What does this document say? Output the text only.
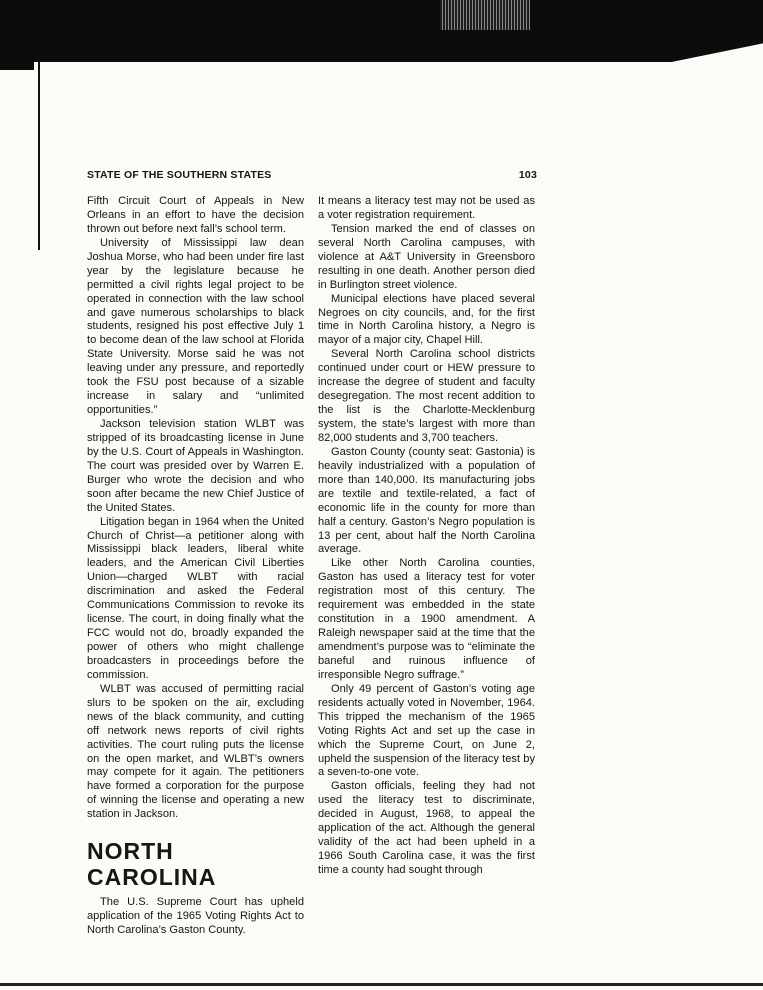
STATE OF THE SOUTHERN STATES	103

Fifth Circuit Court of Appeals in New Orleans in an effort to have the decision thrown out before next fall’s school term.

University of Mississippi law dean Joshua Morse, who had been under fire last year by the legislature because he permitted a civil rights legal project to be operated in connection with the law school and gave numerous scholarships to black students, resigned his post effective July 1 to become dean of the law school at Florida State University. Morse said he was not leaving under any pressure, and reportedly took the FSU post because of a sizable increase in salary and “unlimited opportunities.”

Jackson television station WLBT was stripped of its broadcasting license in June by the U.S. Court of Appeals in Washington. The court was presided over by Warren E. Burger who wrote the decision and who soon after became the new Chief Justice of the United States.

Litigation began in 1964 when the United Church of Christ—a petitioner along with Mississippi black leaders, liberal white leaders, and the American Civil Liberties Union—charged WLBT with racial discrimination and asked the Federal Communications Commission to revoke its license. The court, in doing finally what the FCC would not do, broadly expanded the power of others who might challenge broadcasters in proceedings before the commission.

WLBT was accused of permitting racial slurs to be spoken on the air, excluding news of the black community, and cutting off network news reports of civil rights activities. The court ruling puts the license on the open market, and WLBT’s owners may compete for it again. The petitioners have formed a corporation for the purpose of winning the license and operating a new station in Jackson.

NORTH CAROLINA

The U.S. Supreme Court has upheld application of the 1965 Voting Rights Act to North Carolina’s Gaston County.

It means a literacy test may not be used as a voter registration requirement.

Tension marked the end of classes on several North Carolina campuses, with violence at A&T University in Greensboro resulting in one death. Another person died in Burlington street violence.

Municipal elections have placed several Negroes on city councils, and, for the first time in North Carolina history, a Negro is mayor of a major city, Chapel Hill.

Several North Carolina school districts continued under court or HEW pressure to increase the degree of student and faculty desegregation. The most recent addition to the list is the Charlotte-Mecklenburg system, the state’s largest with more than 82,000 students and 3,700 teachers.

Gaston County (county seat: Gastonia) is heavily industrialized with a population of more than 140,000. Its manufacturing jobs are textile and textile-related, a fact of economic life in the county for more than half a century. Gaston’s Negro population is 13 per cent, about half the North Carolina average.

Like other North Carolina counties, Gaston has used a literacy test for voter registration most of this century. The requirement was embedded in the state constitution in a 1900 amendment. A Raleigh newspaper said at the time that the amendment’s purpose was to “eliminate the baneful and ruinous influence of irresponsible Negro suffrage.”

Only 49 percent of Gaston’s voting age residents actually voted in November, 1964. This tripped the mechanism of the 1965 Voting Rights Act and set up the case in which the Supreme Court, on June 2, upheld the suspension of the literacy test by a seven-to-one vote.

Gaston officials, feeling they had not used the literacy test to discriminate, decided in August, 1968, to appeal the application of the act. Although the general validity of the act had been upheld in a 1966 South Carolina case, it was the first time a county had sought through
